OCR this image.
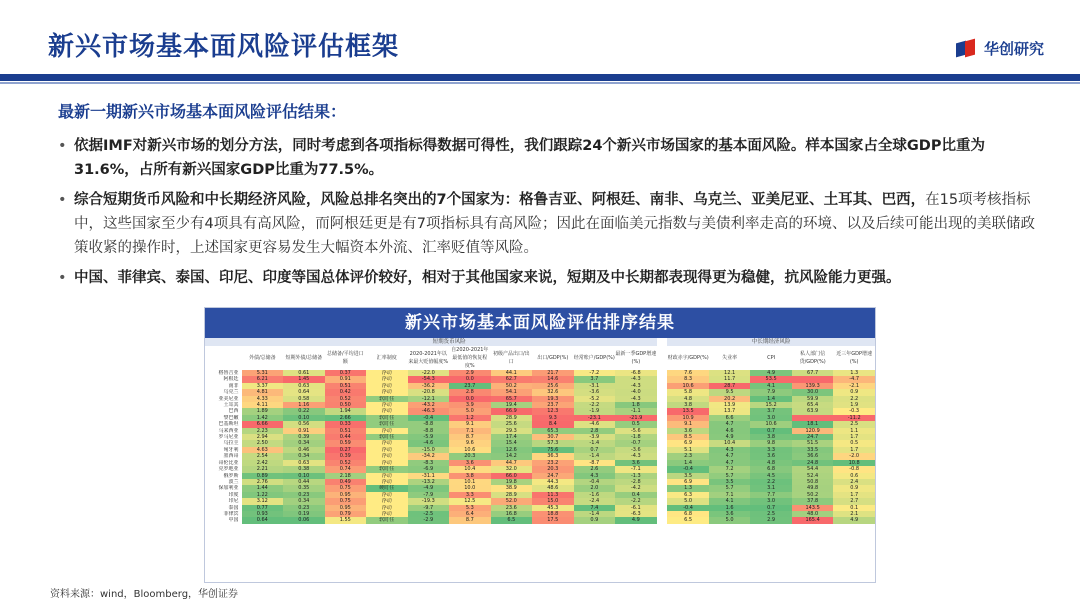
新兴市场基本面风险评估框架	华创研究
最新一期新兴市场基本面风险评估结果：
• 依据IMF对新兴市场的划分方法，同时考虑到各项指标得数据可得性，我们跟踪24个新兴市场国家的基本面风险。样本国家占全球GDP比重为31.6%，占所有新兴国家GDP比重为77.5%。
• 综合短期货币风险和中长期经济风险，风险总排名突出的7个国家为：格鲁吉亚、阿根廷、南非、乌克兰、亚美尼亚、土耳其、巴西，在15项考核指标中，这些国家至少有4项具有高风险，而阿根廷更是有7项指标具有高风险；因此在面临美元指数与美债利率走高的环境、以及后续可能出现的美联储政策收紧的操作时，上述国家更容易发生大幅资本外流、汇率贬值等风险。
• 中国、菲律宾、泰国、印尼、印度等国总体评价较好，相对于其他国家来说，短期及中长期都表现得更为稳健，抗风险能力更强。
新兴市场基本面风险评估排序结果
	短期货币风险											中长期经济风险				
	外债/总储备	短期外债/总储备	总储备/平均进口额	汇率制度	2020-2021年以来最大贬值幅度%	自2020-2021年最低值的恢复程度%	初级产品出口/出口	出口/GDP(%)	经常账户/GDP(%)	最新一季GDP增速(%)		财政赤字/GDP(%)	失业率	CPI	私人部门信贷/GDP(%)	近三年GDP增速(%)
格鲁吉亚	5.31	0.61	0.37	浮动	-22.0	2.9	44.1	21.7	-7.2	-6.8		7.6	12.1	4.9	67.7	1.3
阿根廷	6.21	1.45	0.91	浮动	-54.3	0.0	62.7	14.6	3.7	-4.3		8.3	11.7	53.5		-4.7
南非	3.37	0.63	0.51	浮动	-36.2	23.7	50.2	25.6	-3.1	-4.3		10.6	28.7	4.1	139.3	-2.1
乌克兰	4.81	0.64	0.42	浮动	-20.8	2.8	54.1	32.6	-3.6	-4.0		5.8	9.5	7.9	30.0	0.9
亚美尼亚	4.33	0.58	0.52	软盯住	-12.1	0.0	65.7	19.3	-5.2	-4.3		4.8	20.2	1.4	59.9	2.2
土耳其	4.11	1.16	0.50	浮动	-43.2	3.9	19.4	23.7	-2.2	1.8		3.8	13.9	15.2	65.4	1.9
巴西	1.89	0.22	1.94	浮动	-46.3	5.0	66.9	12.3	-1.9	-1.1		13.5	13.7	3.7	63.9	-0.3
黎巴嫩	1.42	0.10	2.66	软盯住	-0.4	1.2	28.9	9.3	-23.1	-21.9		10.9	6.6	3.0		-11.2
巴基斯坦	6.66	0.56	0.33	软盯住	-8.8	9.1	25.6	8.4	-4.6	0.5		9.1	4.7	10.6	18.1	2.5
马来西亚	2.23	0.91	0.51	浮动	-8.8	7.1	29.3	65.3	2.8	-5.6		3.6	4.6	0.7	120.9	1.1
罗马尼亚	2.94	0.39	0.44	软盯住	-5.9	8.7	17.4	30.7	-3.9	-1.8		8.5	4.9	3.8	24.7	1.7
乌拉圭	2.50	0.34	0.59	浮动	-4.6	9.6	15.4	57.3	-1.4	-0.7		6.9	10.4	9.8	51.5	0.5
匈牙利	4.63	0.46	0.27	浮动	-15.0	10.6	12.6	75.6	0.7	-3.6		5.1	4.3	3.3	33.5	1.7
墨西哥	2.54	0.34	0.39	浮动	-34.2	20.3	14.2	36.3	-1.4	-4.3		2.3	4.7	3.6	36.6	-2.0
哥伦比亚	2.42	0.63	0.52	浮动	-8.3	3.6	44.7	23.2	-8.7	3.6		1.4	4.7	4.8	24.8	10.8
克罗地亚	2.21	0.38	0.74	软盯住	-6.9	10.4	32.0	20.3	2.6	-7.1		-0.4	7.2	6.8	54.4	-0.8
俄罗斯	0.89	0.10	2.18	浮动	-31.1	3.8	66.0	24.7	4.3	-1.3		3.5	5.7	4.5	52.4	0.6
波兰	2.76	0.44	0.49	浮动	-13.2	10.1	19.8	44.3	-0.4	-2.8		6.9	3.5	2.2	50.8	2.4
保加利亚	1.44	0.35	0.75	硬盯住	-4.9	10.0	38.9	48.6	2.0	-4.2		1.3	5.7	3.1	49.8	0.9
印度	1.22	0.23	0.95	浮动	-7.9	3.3	28.9	11.3	-1.6	0.4		6.3	7.1	7.7	50.2	1.7
印尼	3.12	0.34	0.75	浮动	-19.3	12.5	52.0	15.0	-2.4	-2.2		5.0	4.1	3.0	37.8	2.7
泰国	0.77	0.23	0.95	浮动	-9.7	5.3	23.6	45.3	7.4	-6.1		-0.4	1.6	0.7	143.5	0.1
菲律宾	0.93	0.19	0.79	浮动	-2.5	6.4	16.8	18.8	-1.4	-6.3		6.8	3.6	2.5	48.0	2.1
中国	0.64	0.06	1.55	软盯住	-2.9	8.7	6.5	17.5	0.9	4.9		6.5	5.0	2.9	165.4	4.9
资料来源：wind，Bloomberg，华创证券
